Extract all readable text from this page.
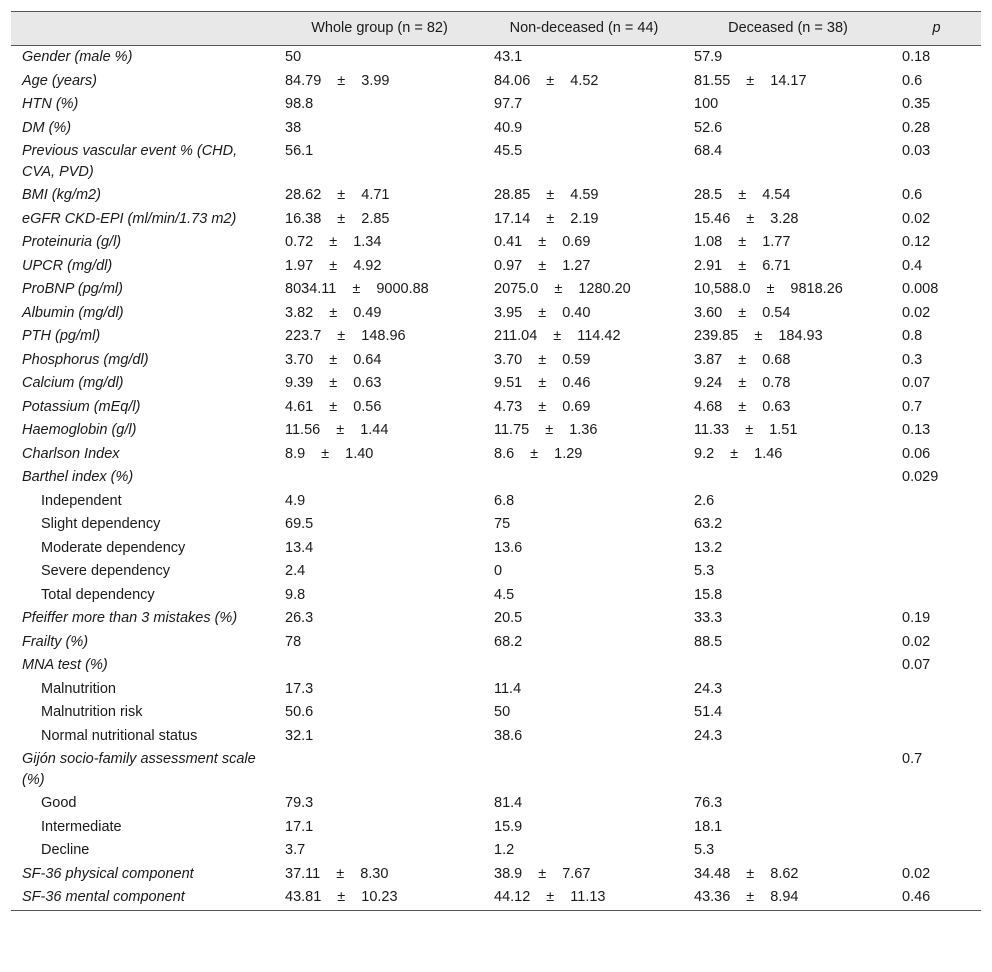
	Whole group (n = 82)	Non-deceased (n = 44)	Deceased (n = 38)	p
Gender (male %)	50	43.1	57.9	0.18
Age (years)	84.79 ± 3.99	84.06 ± 4.52	81.55 ± 14.17	0.6
HTN (%)	98.8	97.7	100	0.35
DM (%)	38	40.9	52.6	0.28
Previous vascular event % (CHD, CVA, PVD)	56.1	45.5	68.4	0.03
BMI (kg/m2)	28.62 ± 4.71	28.85 ± 4.59	28.5 ± 4.54	0.6
eGFR CKD-EPI (ml/min/1.73 m2)	16.38 ± 2.85	17.14 ± 2.19	15.46 ± 3.28	0.02
Proteinuria (g/l)	0.72 ± 1.34	0.41 ± 0.69	1.08 ± 1.77	0.12
UPCR (mg/dl)	1.97 ± 4.92	0.97 ± 1.27	2.91 ± 6.71	0.4
ProBNP (pg/ml)	8034.11 ± 9000.88	2075.0 ± 1280.20	10,588.0 ± 9818.26	0.008
Albumin (mg/dl)	3.82 ± 0.49	3.95 ± 0.40	3.60 ± 0.54	0.02
PTH (pg/ml)	223.7 ± 148.96	211.04 ± 114.42	239.85 ± 184.93	0.8
Phosphorus (mg/dl)	3.70 ± 0.64	3.70 ± 0.59	3.87 ± 0.68	0.3
Calcium (mg/dl)	9.39 ± 0.63	9.51 ± 0.46	9.24 ± 0.78	0.07
Potassium (mEq/l)	4.61 ± 0.56	4.73 ± 0.69	4.68 ± 0.63	0.7
Haemoglobin (g/l)	11.56 ± 1.44	11.75 ± 1.36	11.33 ± 1.51	0.13
Charlson Index	8.9 ± 1.40	8.6 ± 1.29	9.2 ± 1.46	0.06
Barthel index (%)				0.029
Independent	4.9	6.8	2.6	
Slight dependency	69.5	75	63.2	
Moderate dependency	13.4	13.6	13.2	
Severe dependency	2.4	0	5.3	
Total dependency	9.8	4.5	15.8	
Pfeiffer more than 3 mistakes (%)	26.3	20.5	33.3	0.19
Frailty (%)	78	68.2	88.5	0.02
MNA test (%)				0.07
Malnutrition	17.3	11.4	24.3	
Malnutrition risk	50.6	50	51.4	
Normal nutritional status	32.1	38.6	24.3	
Gijón socio-family assessment scale (%)				0.7
Good	79.3	81.4	76.3	
Intermediate	17.1	15.9	18.1	
Decline	3.7	1.2	5.3	
SF-36 physical component	37.11 ± 8.30	38.9 ± 7.67	34.48 ± 8.62	0.02
SF-36 mental component	43.81 ± 10.23	44.12 ± 11.13	43.36 ± 8.94	0.46
